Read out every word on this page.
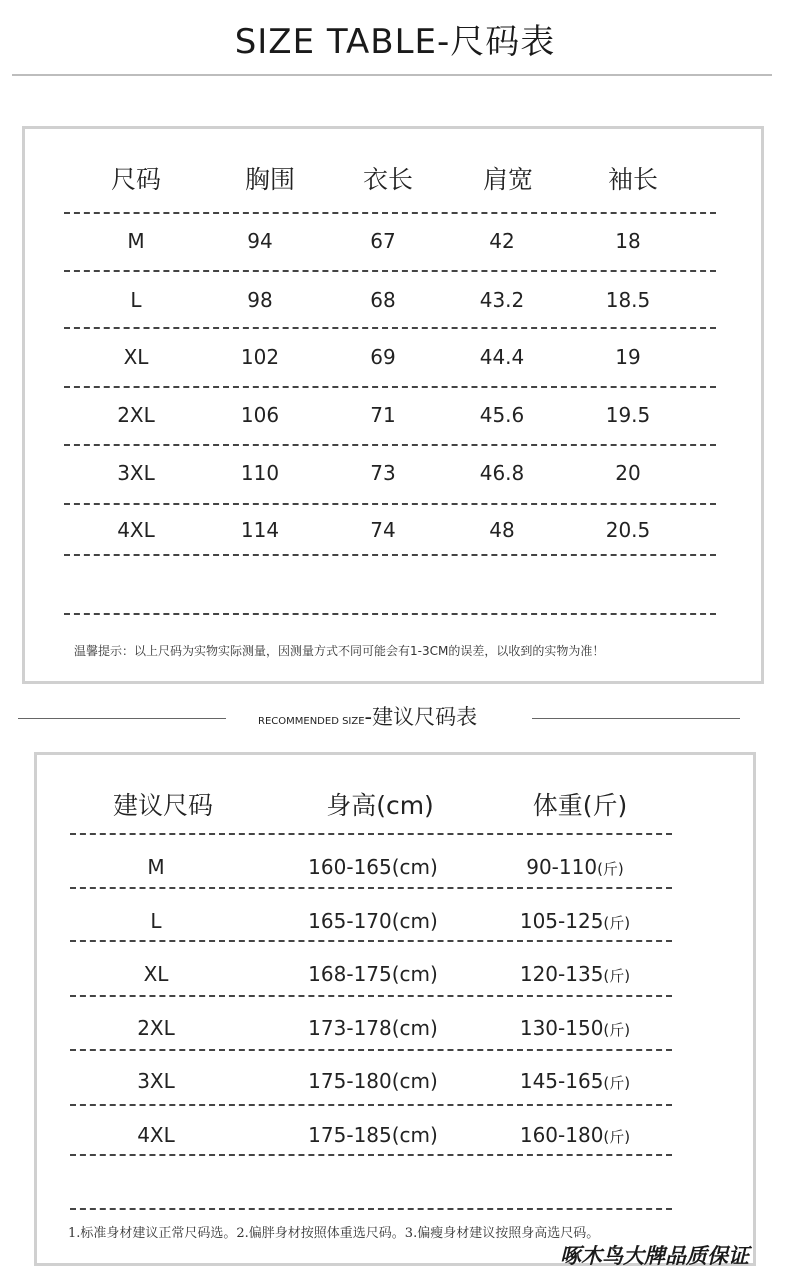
SIZE TABLE-尺码表
尺码	胸围	衣长	肩宽	袖长
M	94	67	42	18
L	98	68	43.2	18.5
XL	102	69	44.4	19
2XL	106	71	45.6	19.5
3XL	110	73	46.8	20
4XL	114	74	48	20.5
温馨提示：以上尺码为实物实际测量，因测量方式不同可能会有1-3CM的误差，以收到的实物为准！
RECOMMENDED SIZE-建议尺码表
建议尺码	身高(cm)	体重(斤)
M	160-165(cm)	90-110(斤)
L	165-170(cm)	105-125(斤)
XL	168-175(cm)	120-135(斤)
2XL	173-178(cm)	130-150(斤)
3XL	175-180(cm)	145-165(斤)
4XL	175-185(cm)	160-180(斤)
1.标准身材建议正常尺码选。2.偏胖身材按照体重选尺码。3.偏瘦身材建议按照身高选尺码。
啄木鸟大牌品质保证
